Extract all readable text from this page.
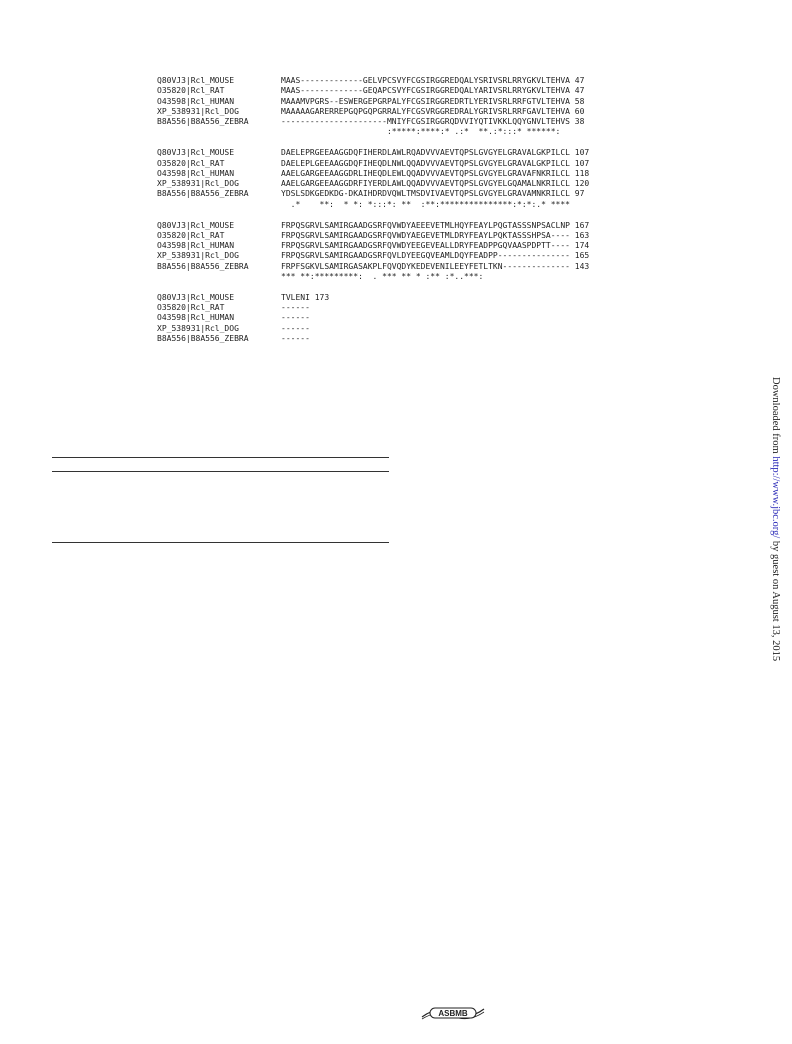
Q80VJ3|Rcl_MOUSE	MAAS-------------GELVPCSVYFCGSIRGGREDQALYSRIVSRLRRYGKVLTEHVA 47
O35820|Rcl_RAT	MAAS-------------GEQAPCSVYFCGSIRGGREDQALYARIVSRLRRYGKVLTEHVA 47
O43598|Rcl_HUMAN	MAAAMVPGRS--ESWERGEPGRPALYFCGSIRGGREDRTLYERIVSRLRRFGTVLTEHVA 58
XP_538931|Rcl_DOG	MAAAAAGARERREPGQPGQPGRRALYFCGSVRGGREDRALYGRIVSRLRRFGAVLTEHVA 60
B8A556|B8A556_ZEBRA	----------------------MNIYFCGSIRGGRQDVVIYQTIVKKLQQYGNVLTEHVS 38
:*****:****:* .:*  **.:*:::* ******:
Q80VJ3|Rcl_MOUSE	DAELEPRGEEAAGGDQFIHERDLAWLRQADVVVAEVTQPSLGVGYELGRAVALGKPILCL 107
O35820|Rcl_RAT	DAELEPLGEEAAGGDQFIHEQDLNWLQQADVVVAEVTQPSLGVGYELGRAVALGKPILCL 107
O43598|Rcl_HUMAN	AAELGARGEEAAGGDRLIHEQDLEWLQQADVVVAEVTQPSLGVGYELGRAVAFNKRILCL 118
XP_538931|Rcl_DOG	AAELGARGEEAAGGDRFIYERDLAWLQQADVVVAEVTQPSLGVGYELGQAMALNKRILCL 120
B8A556|B8A556_ZEBRA	YDSLSDKGEDKDG-DKAIHDRDVQWLTMSDVIVAEVTQPSLGVGYELGRAVAMNKRILCL 97
.*    **:  * *: *:::*: **  :**:***************:*:*:.* ****
Q80VJ3|Rcl_MOUSE	FRPQSGRVLSAMIRGAADGSRFQVWDYAEEEVETMLHQYFEAYLPQGTASSSNPSACLNP 167
O35820|Rcl_RAT	FRPQSGRVLSAMIRGAADGSRFQVWDYAEGEVETMLDRYFEAYLPQKTASSSHPSA---- 163
O43598|Rcl_HUMAN	FRPQSGRVLSAMIRGAADGSRFQVWDYEEGEVEALLDRYFEADPPGQVAASPDPTT---- 174
XP_538931|Rcl_DOG	FRPQSGRVLSAMIRGAADGSRFQVLDYEEGQVEAMLDQYFEADPP--------------- 165
B8A556|B8A556_ZEBRA	FRPFSGKVLSAMIRGASAKPLFQVQDYKEDEVENILEEYFETLTKN-------------- 143
*** **:*********:  . *** ** * :** :*..***:
Q80VJ3|Rcl_MOUSE	TVLENI 173
O35820|Rcl_RAT	------
O43598|Rcl_HUMAN	------
XP_538931|Rcl_DOG	------
B8A556|B8A556_ZEBRA	------
Downloaded from http://www.jbc.org/ by guest on August 13, 2015
ASBMB
